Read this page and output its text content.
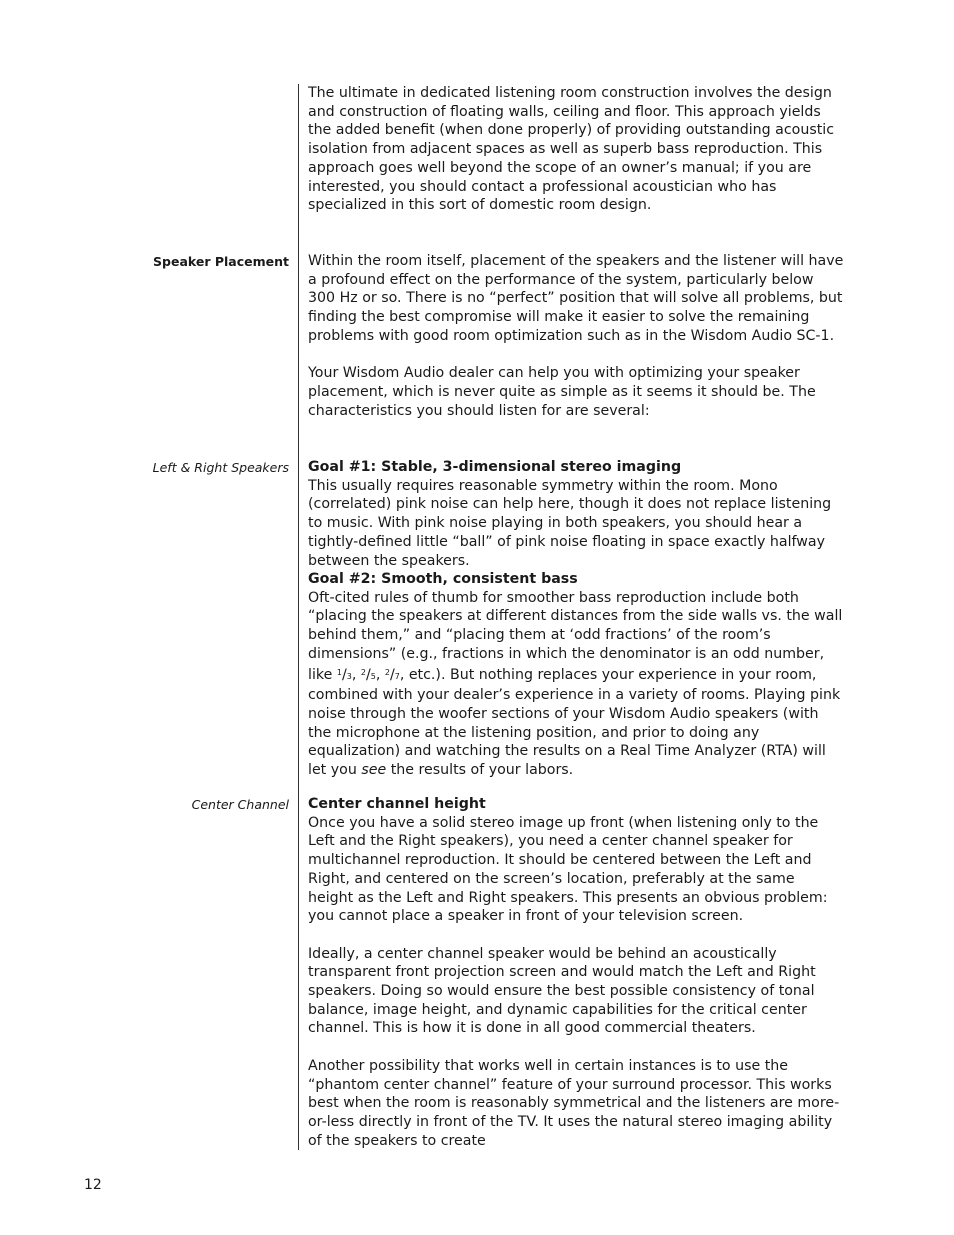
The ultimate in dedicated listening room construction involves the design and construction of floating walls, ceiling and floor. This approach yields the added benefit (when done properly) of providing outstanding acoustic isolation from adjacent spaces as well as superb bass reproduction. This approach goes well beyond the scope of an owner’s manual; if you are interested, you should contact a professional acoustician who has specialized in this sort of domestic room design.

Speaker Placement Within the room itself, placement of the speakers and the listener will have a profound effect on the performance of the system, particularly below 300 Hz or so. There is no “perfect” position that will solve all problems, but finding the best compromise will make it easier to solve the remaining problems with good room optimization such as in the Wisdom Audio SC-1.

Your Wisdom Audio dealer can help you with optimizing your speaker placement, which is never quite as simple as it seems it should be. The characteristics you should listen for are several:

Left & Right Speakers Goal #1: Stable, 3-dimensional stereo imaging

This usually requires reasonable symmetry within the room. Mono (correlated) pink noise can help here, though it does not replace listening to music. With pink noise playing in both speakers, you should hear a tightly-defined little “ball” of pink noise floating in space exactly halfway between the speakers.

Goal #2: Smooth, consistent bass

Oft-cited rules of thumb for smoother bass reproduction include both “placing the speakers at different distances from the side walls vs. the wall behind them,” and “placing them at ‘odd fractions’ of the room’s dimensions” (e.g., fractions in which the denominator is an odd number, like $^1$/3, $^2$/5, $^2$/7, etc.). But nothing replaces your experience in your room, combined with your dealer’s experience in a variety of rooms. Playing pink noise through the woofer sections of your Wisdom Audio speakers (with the microphone at the listening position, and prior to doing any equalization) and watching the results on a Real Time Analyzer (RTA) will let you see the results of your labors.

Center Channel Center channel height

Once you have a solid stereo image up front (when listening only to the Left and the Right speakers), you need a center channel speaker for multichannel reproduction. It should be centered between the Left and Right, and centered on the screen’s location, preferably at the same height as the Left and Right speakers. This presents an obvious problem: you cannot place a speaker in front of your television screen.

Ideally, a center channel speaker would be behind an acoustically transparent front projection screen and would match the Left and Right speakers. Doing so would ensure the best possible consistency of tonal balance, image height, and dynamic capabilities for the critical center channel. This is how it is done in all good commercial theaters.

Another possibility that works well in certain instances is to use the “phantom center channel” feature of your surround processor. This works best when the room is reasonably symmetrical and the listeners are more-or-less directly in front of the TV. It uses the natural stereo imaging ability of the speakers to create

12
